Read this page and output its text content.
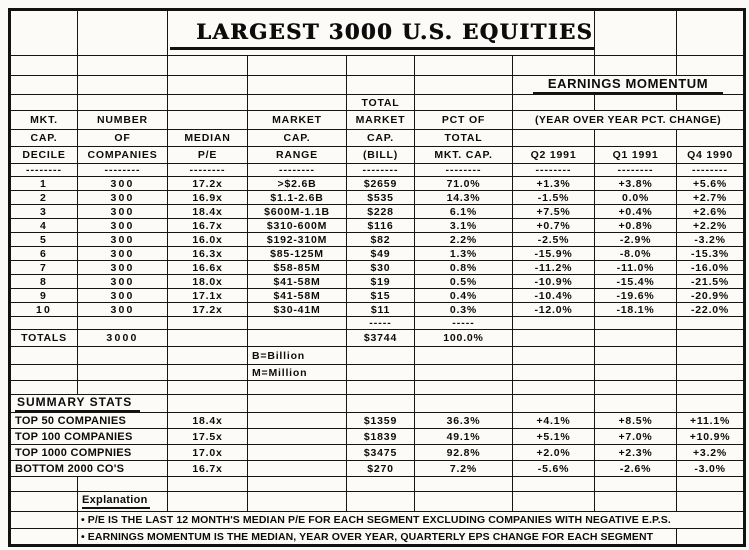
		LARGEST 3000 U.S. EQUITIES						

						EARNINGS MOMENTUM		
				TOTAL				
MKT.	NUMBER		MARKET	MARKET	PCT OF	(YEAR OVER YEAR PCT. CHANGE)		
CAP.	OF	MEDIAN	CAP.	CAP.	TOTAL			
DECILE	COMPANIES	P/E	RANGE	(BILL)	MKT. CAP.	Q2 1991	Q1 1991	Q4 1990
--------	--------	--------	--------	--------	--------	--------	--------	--------
1	300	17.2x	>$2.6B	$2659	71.0%	+1.3%	+3.8%	+5.6%
2	300	16.9x	$1.1-2.6B	$535	14.3%	-1.5%	0.0%	+2.7%
3	300	18.4x	$600M-1.1B	$228	6.1%	+7.5%	+0.4%	+2.6%
4	300	16.7x	$310-600M	$116	3.1%	+0.7%	+0.8%	+2.2%
5	300	16.0x	$192-310M	$82	2.2%	-2.5%	-2.9%	-3.2%
6	300	16.3x	$85-125M	$49	1.3%	-15.9%	-8.0%	-15.3%
7	300	16.6x	$58-85M	$30	0.8%	-11.2%	-11.0%	-16.0%
8	300	18.0x	$41-58M	$19	0.5%	-10.9%	-15.4%	-21.5%
9	300	17.1x	$41-58M	$15	0.4%	-10.4%	-19.6%	-20.9%
10	300	17.2x	$30-41M	$11	0.3%	-12.0%	-18.1%	-22.0%
				-----	-----			
TOTALS	3000			$3744	100.0%			
			B=Billion					
			M=Million					

SUMMARY STATS								
TOP 50 COMPANIES		18.4x		$1359	36.3%	+4.1%	+8.5%	+11.1%
TOP 100 COMPANIES		17.5x		$1839	49.1%	+5.1%	+7.0%	+10.9%
TOP 1000 COMPNIES		17.0x		$3475	92.8%	+2.0%	+2.3%	+3.2%
BOTTOM 2000 CO'S		16.7x		$270	7.2%	-5.6%	-2.6%	-3.0%

	Explanation							
	• P/E IS THE LAST 12 MONTH'S MEDIAN P/E FOR EACH SEGMENT EXCLUDING COMPANIES WITH NEGATIVE E.P.S.							
	• EARNINGS MOMENTUM IS THE MEDIAN, YEAR OVER YEAR, QUARTERLY EPS CHANGE FOR EACH SEGMENT							
